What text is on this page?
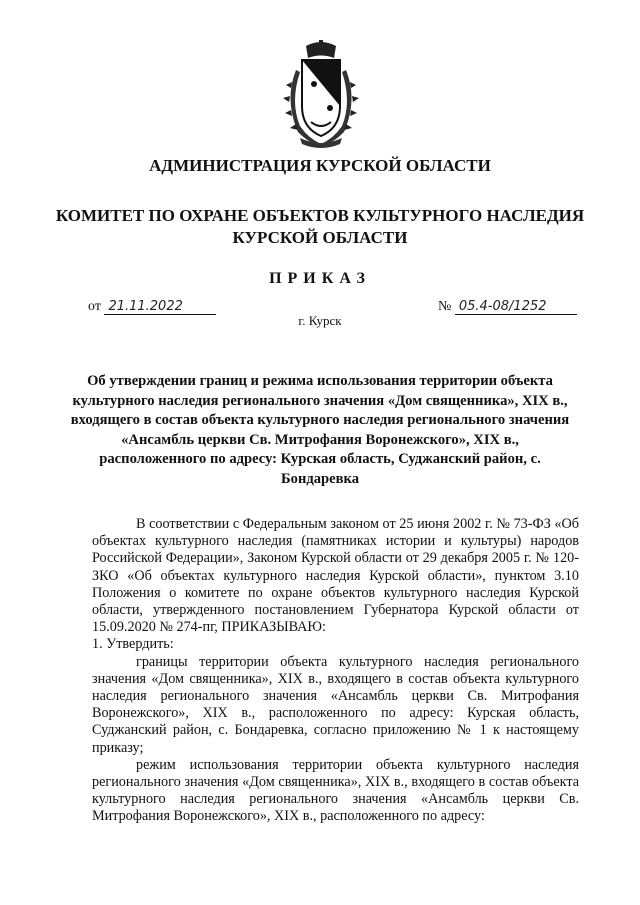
АДМИНИСТРАЦИЯ КУРСКОЙ ОБЛАСТИ
КОМИТЕТ ПО ОХРАНЕ ОБЪЕКТОВ КУЛЬТУРНОГО НАСЛЕДИЯ
КУРСКОЙ ОБЛАСТИ
ПРИКАЗ
от 21.11.2022	№ 05.4-08/1252
г. Курск
Об утверждении границ и режима использования территории объекта культурного наследия регионального значения «Дом священника», XIX в., входящего в состав объекта культурного наследия регионального значения «Ансамбль церкви Св. Митрофания Воронежского», XIX в., расположенного по адресу: Курская область, Суджанский район, с. Бондаревка

В соответствии с Федеральным законом от 25 июня 2002 г. № 73-ФЗ «Об объектах культурного наследия (памятниках истории и культуры) народов Российской Федерации», Законом Курской области от 29 декабря 2005 г. № 120-ЗКО «Об объектах культурного наследия Курской области», пунктом 3.10 Положения о комитете по охране объектов культурного наследия Курской области, утвержденного постановлением Губернатора Курской области от 15.09.2020 № 274-пг, ПРИКАЗЫВАЮ:

1. Утвердить:

границы территории объекта культурного наследия регионального значения «Дом священника», XIX в., входящего в состав объекта культурного наследия регионального значения «Ансамбль церкви Св. Митрофания Воронежского», XIX в., расположенного по адресу: Курская область, Суджанский район, с. Бондаревка, согласно приложению № 1 к настоящему приказу;

режим использования территории объекта культурного наследия регионального значения «Дом священника», XIX в., входящего в состав объекта культурного наследия регионального значения «Ансамбль церкви Св. Митрофания Воронежского», XIX в., расположенного по адресу:
